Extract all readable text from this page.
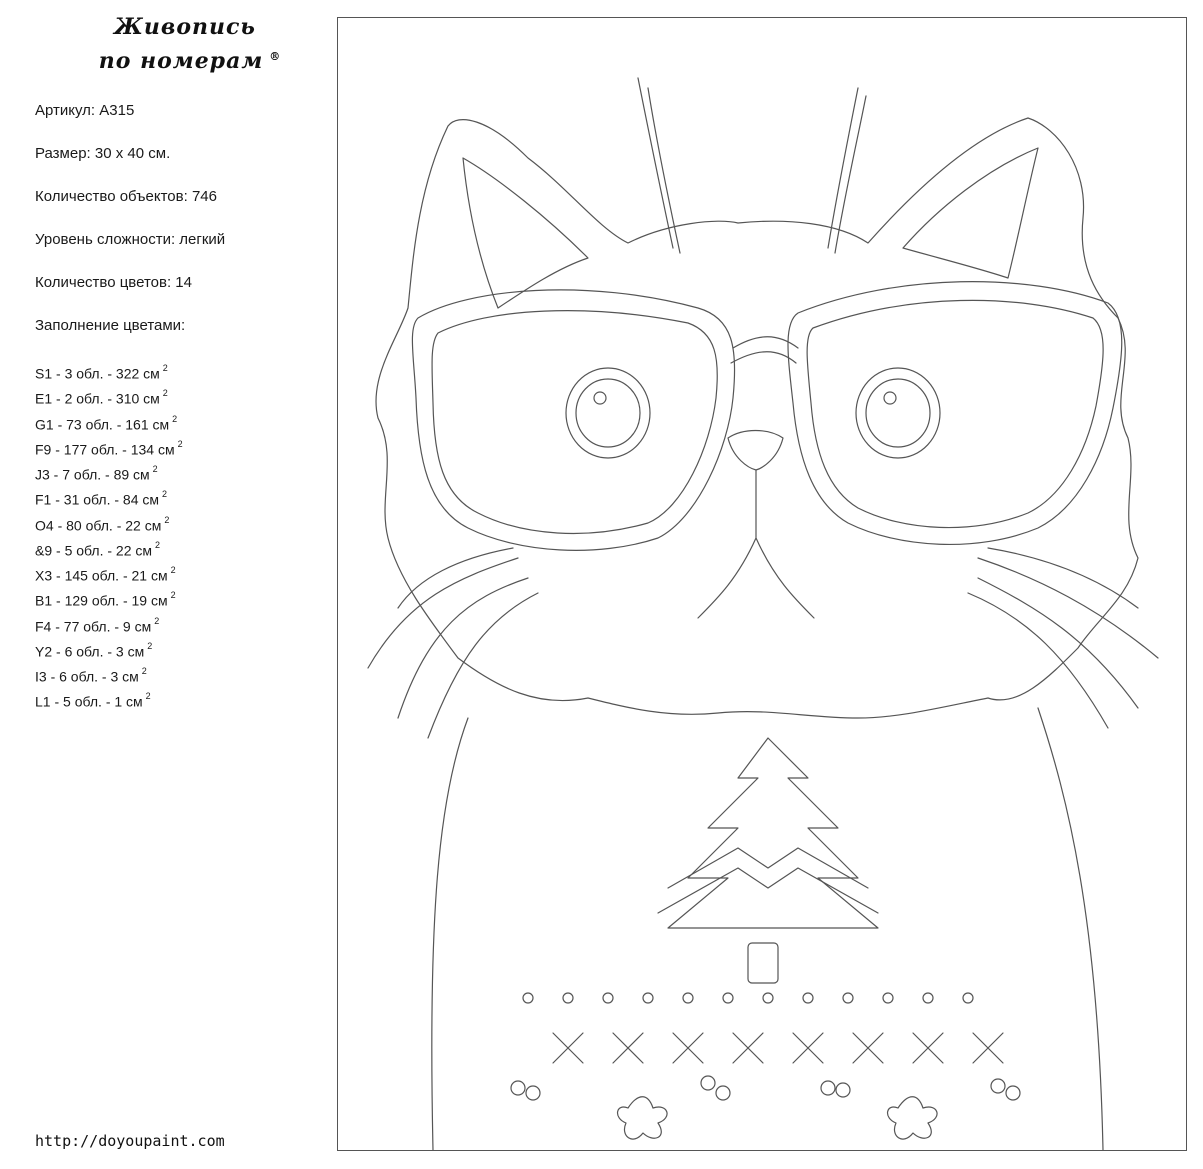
Живопись
по номерам ®
Артикул: А315
Размер: 30 х 40 см.
Количество объектов: 746
Уровень сложности: легкий
Количество цветов: 14
Заполнение цветами:
S1 - 3 обл. - 322 см $^2$
E1 - 2 обл. - 310 см $^2$
G1 - 73 обл. - 161 см $^2$
F9 - 177 обл. - 134 см $^2$
J3 - 7 обл. - 89 см $^2$
F1 - 31 обл. - 84 см $^2$
O4 - 80 обл. - 22 см $^2$
&9 - 5 обл. - 22 см $^2$
X3 - 145 обл. - 21 см $^2$
B1 - 129 обл. - 19 см $^2$
F4 - 77 обл. - 9 см $^2$
Y2 - 6 обл. - 3 см $^2$
I3 - 6 обл. - 3 см $^2$
L1 - 5 обл. - 1 см $^2$
http://doyoupaint.com
